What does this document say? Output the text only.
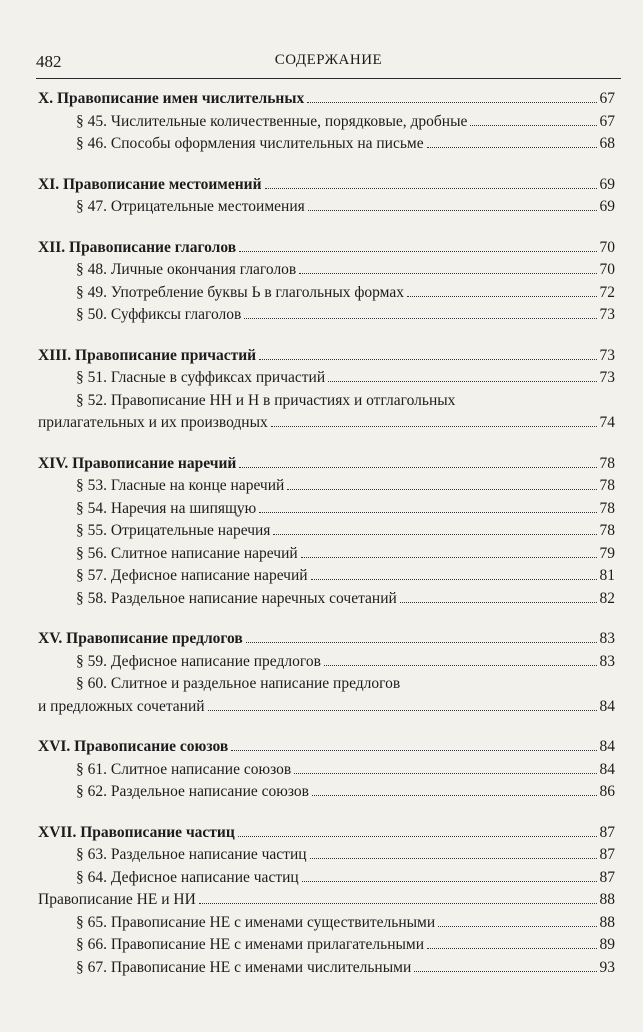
482	СОДЕРЖАНИЕ
X. Правописание имен числительных	67
§ 45. Числительные количественные, порядковые, дробные	67
§ 46. Способы оформления числительных на письме	68
XI. Правописание местоимений	69
§ 47. Отрицательные местоимения	69
XII. Правописание глаголов	70
§ 48. Личные окончания глаголов	70
§ 49. Употребление буквы Ь в глагольных формах	72
§ 50. Суффиксы глаголов	73
XIII. Правописание причастий	73
§ 51. Гласные в суффиксах причастий	73
§ 52. Правописание НН и Н в причастиях и отглагольных
прилагательных и их производных	74
XIV. Правописание наречий	78
§ 53. Гласные на конце наречий	78
§ 54. Наречия на шипящую	78
§ 55. Отрицательные наречия	78
§ 56. Слитное написание наречий	79
§ 57. Дефисное написание наречий	81
§ 58. Раздельное написание наречных сочетаний	82
XV. Правописание предлогов	83
§ 59. Дефисное написание предлогов	83
§ 60. Слитное и раздельное написание предлогов
и предложных сочетаний	84
XVI. Правописание союзов	84
§ 61. Слитное написание союзов	84
§ 62. Раздельное написание союзов	86
XVII. Правописание частиц	87
§ 63. Раздельное написание частиц	87
§ 64. Дефисное написание частиц	87
Правописание НЕ и НИ	88
§ 65. Правописание НЕ с именами существительными	88
§ 66. Правописание НЕ с именами прилагательными	89
§ 67. Правописание НЕ с именами числительными	93
